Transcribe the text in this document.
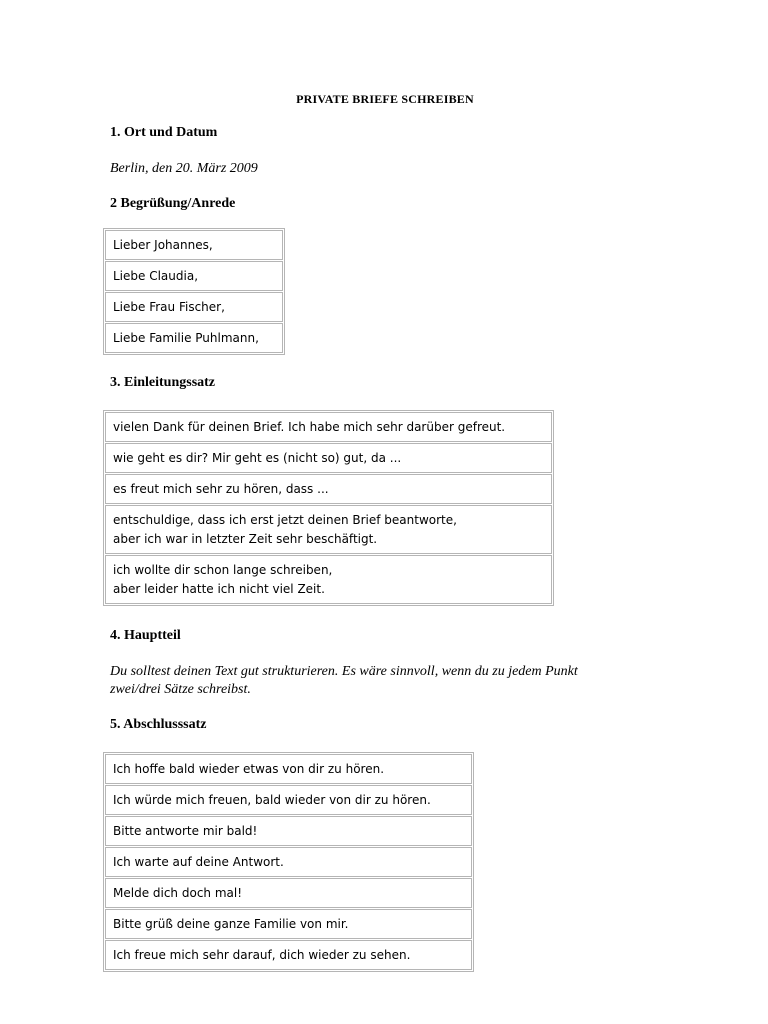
PRIVATE BRIEFE SCHREIBEN
1. Ort und Datum
Berlin, den 20. März 2009
2 Begrüßung/Anrede
Lieber Johannes,
Liebe Claudia,
Liebe Frau Fischer,
Liebe Familie Puhlmann,
3. Einleitungssatz
vielen Dank für deinen Brief. Ich habe mich sehr darüber gefreut.
wie geht es dir? Mir geht es (nicht so) gut, da ...
es freut mich sehr zu hören, dass ...
entschuldige, dass ich erst jetzt deinen Brief beantworte,
aber ich war in letzter Zeit sehr beschäftigt.
ich wollte dir schon lange schreiben,
aber leider hatte ich nicht viel Zeit.
4. Hauptteil
Du solltest deinen Text gut strukturieren. Es wäre sinnvoll, wenn du zu jedem Punkt
zwei/drei Sätze schreibst.
5. Abschlusssatz
Ich hoffe bald wieder etwas von dir zu hören.
Ich würde mich freuen, bald wieder von dir zu hören.
Bitte antworte mir bald!
Ich warte auf deine Antwort.
Melde dich doch mal!
Bitte grüß deine ganze Familie von mir.
Ich freue mich sehr darauf, dich wieder zu sehen.
